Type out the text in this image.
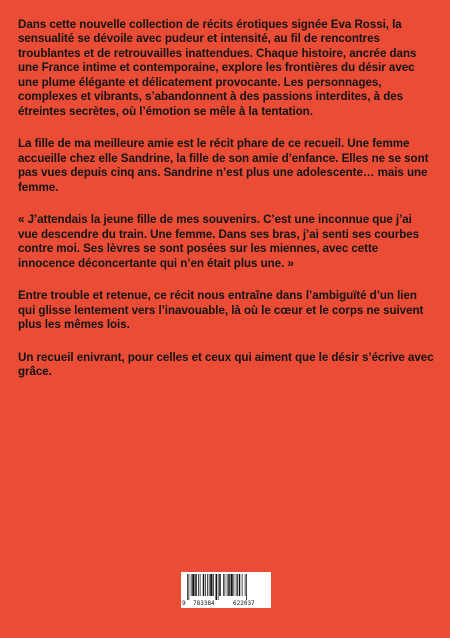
Dans cette nouvelle collection de récits érotiques signée Eva Rossi, la sensualité se dévoile avec pudeur et intensité, au fil de rencontres troublantes et de retrouvailles inattendues. Chaque histoire, ancrée dans une France intime et contemporaine, explore les frontières du désir avec une plume élégante et délicatement provocante. Les personnages, complexes et vibrants, s’abandonnent à des passions interdites, à des étreintes secrètes, où l’émotion se mêle à la tentation.

La fille de ma meilleure amie est le récit phare de ce recueil. Une femme accueille chez elle Sandrine, la fille de son amie d’enfance. Elles ne se sont pas vues depuis cinq ans. Sandrine n’est plus une adolescente… mais une femme.

« J’attendais la jeune fille de mes souvenirs. C’est une inconnue que j’ai vue descendre du train. Une femme. Dans ses bras, j’ai senti ses courbes contre moi. Ses lèvres se sont posées sur les miennes, avec cette innocence déconcertante qui n’en était plus une. »

Entre trouble et retenue, ce récit nous entraîne dans l’ambiguïté d’un lien qui glisse lentement vers l’inavouable, là où le cœur et le corps ne suivent plus les mêmes lois.

Un recueil enivrant, pour celles et ceux qui aiment que le désir s’écrive avec grâce.

9 783384	622037
